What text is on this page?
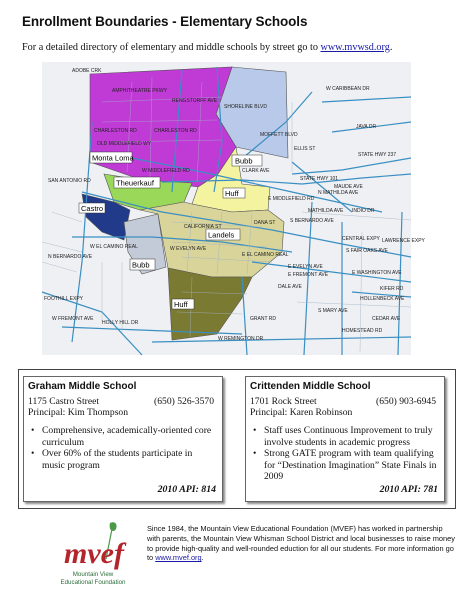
Enrollment Boundaries - Elementary Schools
For a detailed directory of elementary and middle schools by street go to www.mvwsd.org.
Monta Loma	Bubb
Theuerkauf
Huff
Castro
Landels
Bubb
Huff
ADOBE CRK
W CARIBBEAN DR
AMPHITHEATRE PKWY
CHARLESTON RD	CHARLESTON RD
OLD MIDDLEFIELD WY
JAVA DR
STATE HWY 237
STATE HWY 101
MOFFETT BLVD
CENTRAL EXPY
DANA ST
CALIFORNIA ST
W EL CAMINO REAL
E EL CAMINO REAL
E MIDDLEFIELD RD
W MIDDLEFIELD RD
S BERNARDO AVE
FOOTHILL EXPY
GRANT RD
W REMINGTON DR
E EVELYN AVE
E WASHINGTON AVE
HOLLENBECK AVE
MATHILDA AVE
S MARY AVE
DALE AVE
HOMESTEAD RD
KIFER RD
INDIO DR
CEDAR AVE
CLARK AVE
SHORELINE BLVD
RENGSTORFF AVE
SAN ANTONIO RD
N BERNARDO AVE
ELLIS ST
S FAIR OAKS AVE
LAWRENCE EXPY
N MATHILDA AVE
MAUDE AVE
HOLLY HILL DR
W EVELYN AVE
E FREMONT AVE
W FREMONT AVE
Graham Middle School
1175 Castro Street	(650) 526-3570
Principal: Kim Thompson
• Comprehensive, academically-oriented core curriculum
• Over 60% of the students participate in music program
2010 API: 814
Crittenden Middle School
1701 Rock Street	(650) 903-6945
Principal: Karen Robinson
• Staff uses Continuous Improvement to truly involve students in academic progress
• Strong GATE program with team qualifying for “Destination Imagination” State Finals in 2009
2010 API: 781
mvef
Mountain View
Educational Foundation
Since 1984, the Mountain View Educational Foundation (MVEF) has worked in partnership with parents, the Mountain View Whisman School District and local businesses to raise money to provide high-quality and well-rounded eduction for all our students. For more information go to www.mvef.org.
